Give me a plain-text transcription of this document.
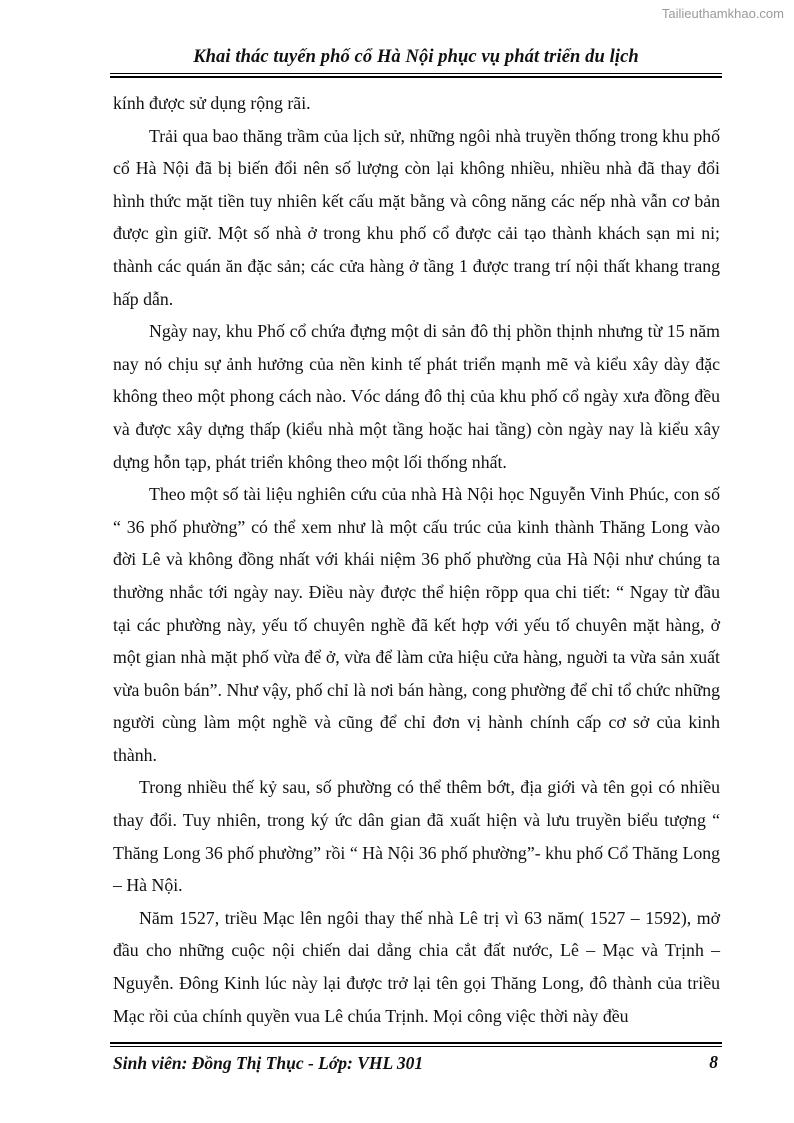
Tailieuthamkhao.com
Khai thác tuyến phố cổ Hà Nội phục vụ phát triển du lịch

kính được sử dụng rộng rãi.

Trải qua bao thăng trầm của lịch sử, những ngôi nhà truyền thống trong khu phố cổ Hà Nội đã bị biến đổi nên số lượng còn lại không nhiều, nhiều nhà đã thay đổi hình thức mặt tiền tuy nhiên kết cấu mặt bằng và công năng các nếp nhà vẫn cơ bản được gìn giữ. Một số nhà ở trong khu phố cổ được cải tạo thành khách sạn mi ni; thành các quán ăn đặc sản; các cửa hàng ở tầng 1 được trang trí nội thất khang trang hấp dẫn.

Ngày nay, khu Phố cổ chứa đựng một di sản đô thị phồn thịnh nhưng từ 15 năm nay nó chịu sự ảnh hưởng của nền kinh tế phát triển mạnh mẽ và kiểu xây dày đặc không theo một phong cách nào. Vóc dáng đô thị của khu phố cổ ngày xưa đồng đều và được xây dựng thấp (kiểu nhà một tầng hoặc hai tầng) còn ngày nay là kiểu xây dựng hỗn tạp, phát triển không theo một lối thống nhất.

Theo một số tài liệu nghiên cứu của nhà Hà Nội học Nguyễn Vinh Phúc, con số “ 36 phố phường” có thể xem như là một cấu trúc của kinh thành Thăng Long vào đời Lê và không đồng nhất với khái niệm 36 phố phường của Hà Nội như chúng ta thường nhắc tới ngày nay. Điều này được thể hiện rõpp qua chi tiết: “ Ngay từ đầu tại các phường này, yếu tố chuyên nghề đã kết hợp với yếu tố chuyên mặt hàng, ở một gian nhà mặt phố vừa để ở, vừa để làm cửa hiệu cửa hàng, nguời ta vừa sản xuất vừa buôn bán”. Như vậy, phố chỉ là nơi bán hàng, cong phường để chỉ tổ chức những người cùng làm một nghề và cũng để chỉ đơn vị hành chính cấp cơ sở của kinh thành.

Trong nhiều thế kỷ sau, số phường có thể thêm bớt, địa giới và tên gọi có nhiều thay đổi. Tuy nhiên, trong ký ức dân gian đã xuất hiện và lưu truyền biểu tượng “ Thăng Long 36 phố phường” rồi “ Hà Nội 36 phố phường”- khu phố Cổ Thăng Long – Hà Nội.

Năm 1527, triều Mạc lên ngôi thay thế nhà Lê trị vì 63 năm( 1527 – 1592), mở đầu cho những cuộc nội chiến dai dẳng chia cắt đất nước, Lê – Mạc và Trịnh – Nguyễn. Đông Kinh lúc này lại được trở lại tên gọi Thăng Long, đô thành của triều Mạc rồi của chính quyền vua Lê chúa Trịnh. Mọi công việc thời này đều

Sinh viên: Đồng Thị Thục - Lớp: VHL 301	8
